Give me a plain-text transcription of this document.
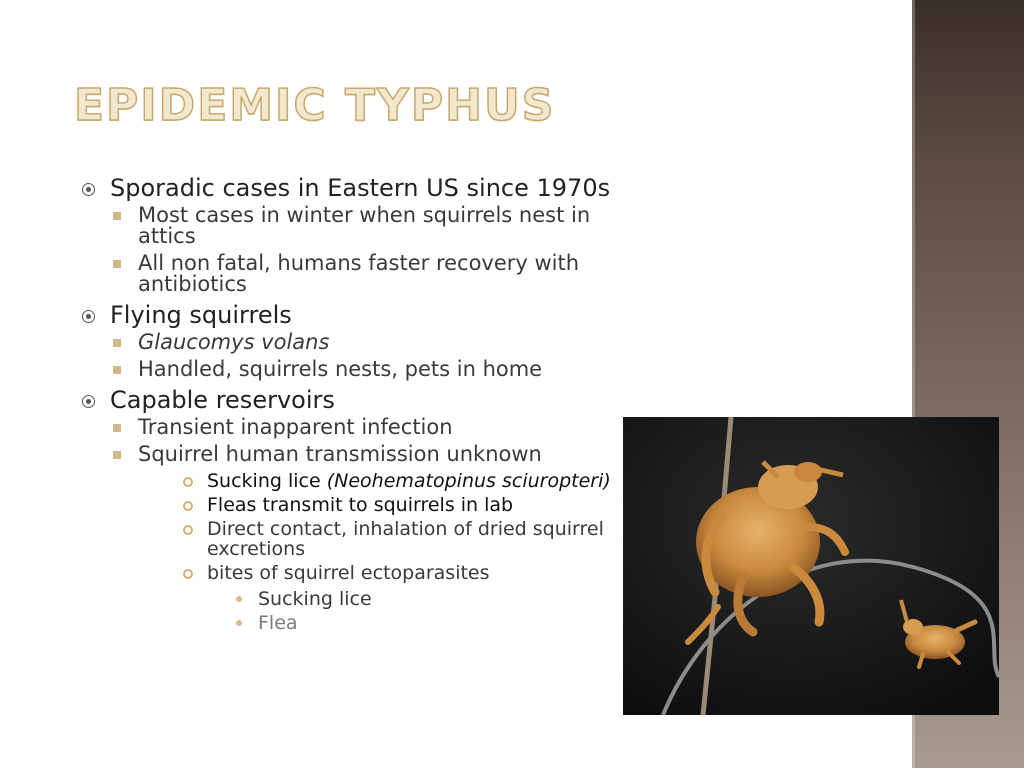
EPIDEMIC TYPHUS
Sporadic cases in Eastern US since 1970s
Most cases in winter when squirrels nest in attics
All non fatal, humans faster recovery with antibiotics
Flying squirrels
Glaucomys volans
Handled, squirrels nests, pets in home
Capable reservoirs
Transient inapparent infection
Squirrel human transmission unknown
Sucking lice (Neohematopinus sciuropteri)
Fleas transmit to squirrels in lab
Direct contact, inhalation of dried squirrel excretions
bites of squirrel ectoparasites
Sucking lice
Flea
